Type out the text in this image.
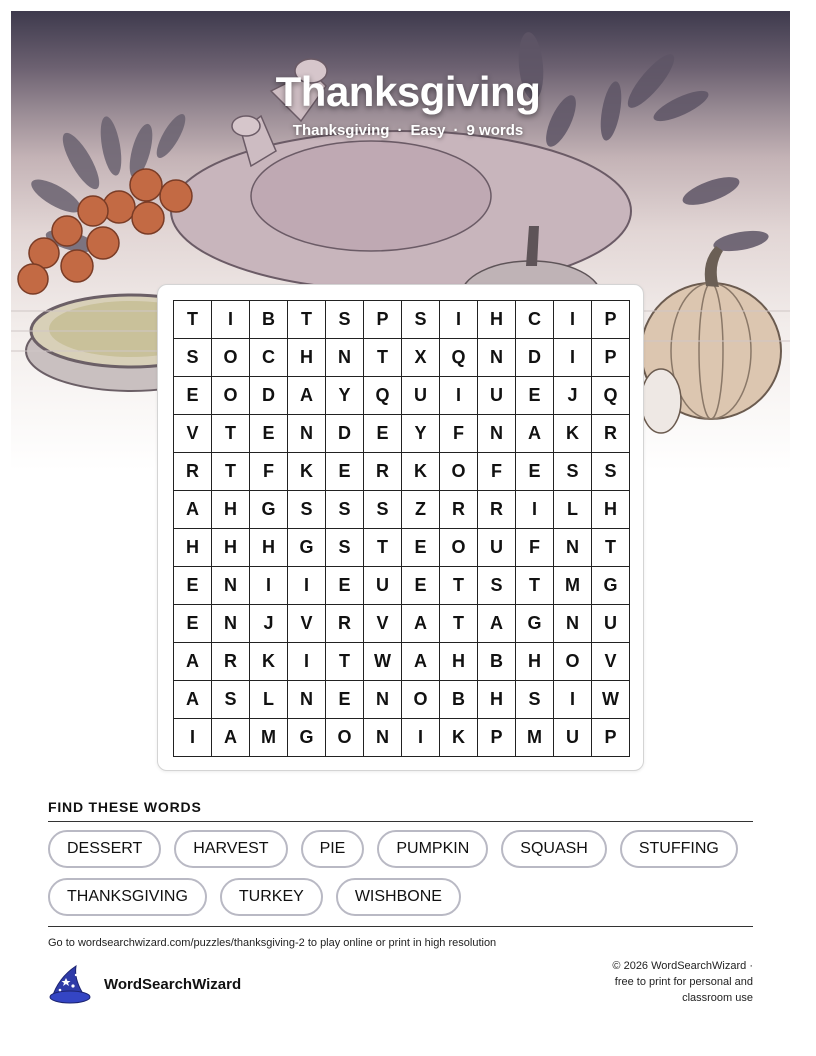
Thanksgiving
Thanksgiving · Easy · 9 words
T	I	B	T	S	P	S	I	H	C	I	P
S	O	C	H	N	T	X	Q	N	D	I	P
E	O	D	A	Y	Q	U	I	U	E	J	Q
V	T	E	N	D	E	Y	F	N	A	K	R
R	T	F	K	E	R	K	O	F	E	S	S
A	H	G	S	S	S	Z	R	R	I	L	H
H	H	H	G	S	T	E	O	U	F	N	T
E	N	I	I	E	U	E	T	S	T	M	G
E	N	J	V	R	V	A	T	A	G	N	U
A	R	K	I	T	W	A	H	B	H	O	V
A	S	L	N	E	N	O	B	H	S	I	W
I	A	M	G	O	N	I	K	P	M	U	P
FIND THESE WORDS
DESSERT	HARVEST	PIE	PUMPKIN	SQUASH	STUFFING
THANKSGIVING	TURKEY	WISHBONE
Go to wordsearchwizard.com/puzzles/thanksgiving-2 to play online or print in high resolution
WordSearchWizard
© 2026 WordSearchWizard ·
free to print for personal and
classroom use
